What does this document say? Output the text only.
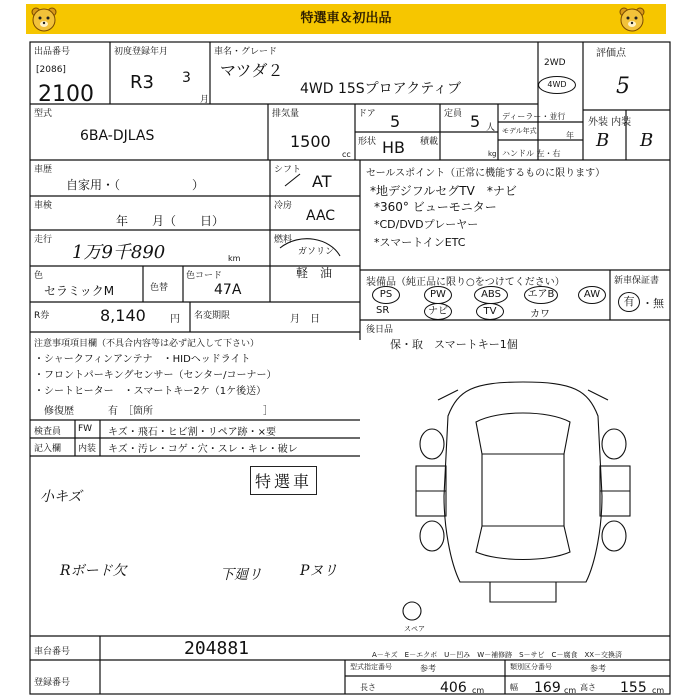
特選車＆初出品
出品番号
[2086]
2100
初度登録年月
R3 3
月
車名・グレード
マツダ２
4WD 15Sプロアクティブ
2WD
4WD
評価点
5
外装 内装
B B
型式
6BA-DJLAS
排気量
1500
cc
ドア 5	定員 5 人
形状 HB 積載
kg
ディーラー・並行
モデル年式	年
ハンドル 左・右
車歴
自家用・（　　　　　　）
シフト
AT
車検
年　　月（　　日）
冷房
AAC
走行
1万9千890	km
燃料
ガソリン
軽　油
色
セラミックM	色替
色コード
47A
R券	8,140 円 名変期限	月　日
セールスポイント（正常に機能するものに限ります）
*地デジフルセグTV　*ナビ
*360° ビューモニター
*CD/DVDプレーヤー
*スマートインETC
装備品（純正品に限り○をつけてください）	新車保証書
PS	PW	ABS	エアB	AW
SR	ナビ	TV	カワ
有 ・無
後日品
保・取　スマートキー1個
注意事項項目欄（不具合内容等は必ず記入して下さい）
・シャークフィンアンテナ　・HIDヘッドライト
・フロントパーキングセンサー（センター/コーナー）
・シートヒーター　・スマートキー2ケ（1ケ後送）
修復歴	有　［箇所　　　　　　　　　　　］
検査員
記入欄
FW
内装
キズ・飛石・ヒビ割・リペア跡・×要
キズ・汚レ・コゲ・穴・スレ・キレ・破レ
特選車
小キズ
Rボード欠	下廻リ	Pヌリ
スペア
A－キズ　E－エクボ　U－凹み　W－補修跡　S－サビ　C－腐食　XX－交換済
車台番号	204881
登録番号
型式指定番号	参考	類別区分番号	参考
長さ	406 cm	幅 169 cm 高さ 155 cm
